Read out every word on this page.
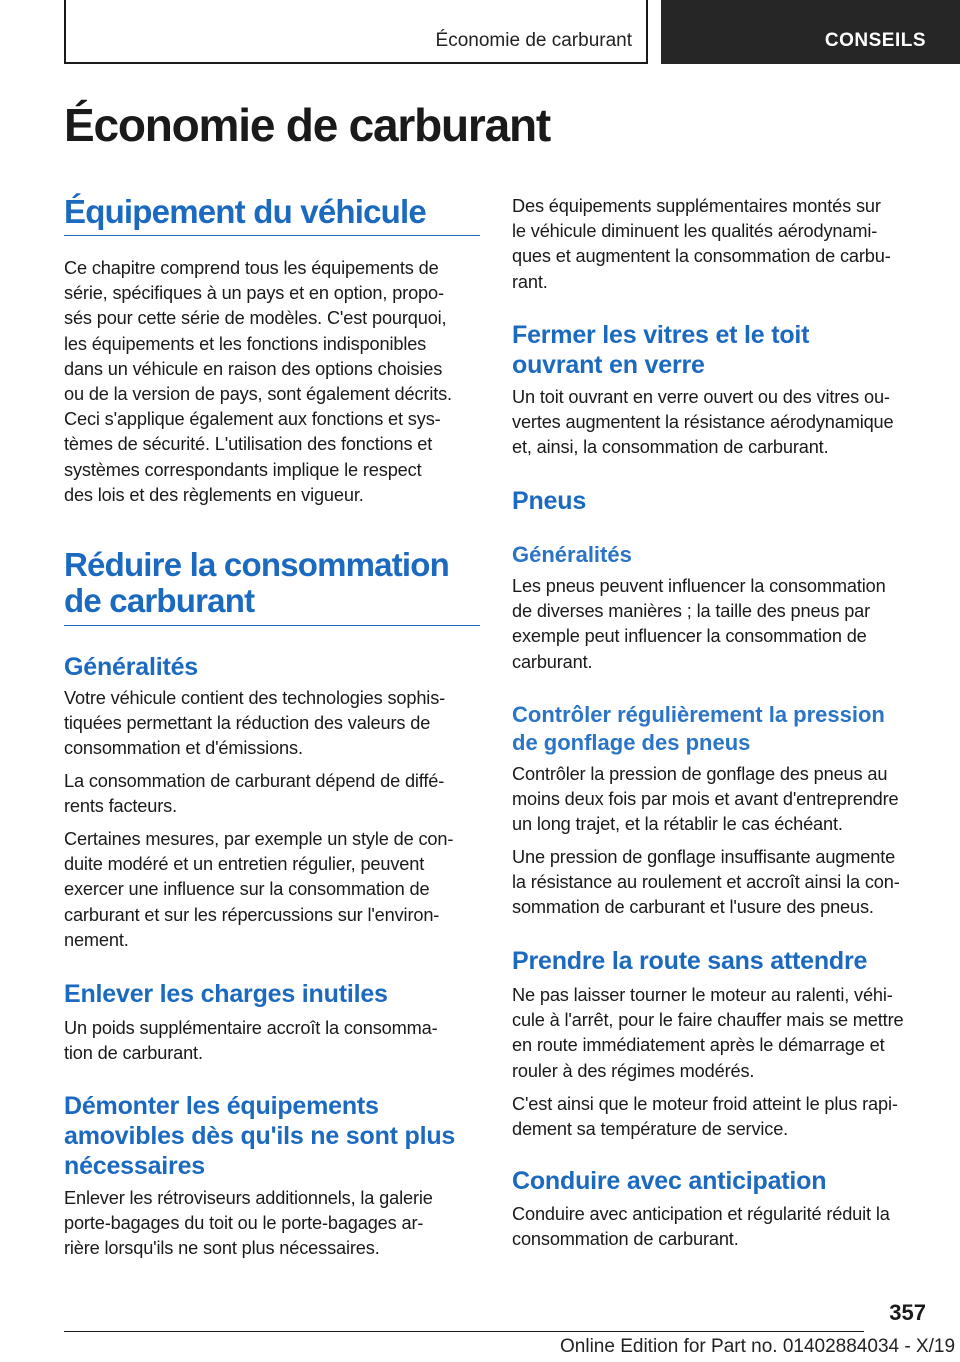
Économie de carburant	CONSEILS
Économie de carburant
Équipement du véhicule

Ce chapitre comprend tous les équipements de
série, spécifiques à un pays et en option, propo-
sés pour cette série de modèles. C'est pourquoi,
les équipements et les fonctions indisponibles
dans un véhicule en raison des options choisies
ou de la version de pays, sont également décrits.
Ceci s'applique également aux fonctions et sys-
tèmes de sécurité. L'utilisation des fonctions et
systèmes correspondants implique le respect
des lois et des règlements en vigueur.

Réduire la consommation
de carburant
Généralités

Votre véhicule contient des technologies sophis-
tiquées permettant la réduction des valeurs de
consommation et d'émissions.

La consommation de carburant dépend de diffé-
rents facteurs.

Certaines mesures, par exemple un style de con-
duite modéré et un entretien régulier, peuvent
exercer une influence sur la consommation de
carburant et sur les répercussions sur l'environ-
nement.

Enlever les charges inutiles

Un poids supplémentaire accroît la consomma-
tion de carburant.

Démonter les équipements
amovibles dès qu'ils ne sont plus
nécessaires

Enlever les rétroviseurs additionnels, la galerie
porte-bagages du toit ou le porte-bagages ar-
rière lorsqu'ils ne sont plus nécessaires.

Des équipements supplémentaires montés sur
le véhicule diminuent les qualités aérodynami-
ques et augmentent la consommation de carbu-
rant.

Fermer les vitres et le toit
ouvrant en verre

Un toit ouvrant en verre ouvert ou des vitres ou-
vertes augmentent la résistance aérodynamique
et, ainsi, la consommation de carburant.

Pneus
Généralités

Les pneus peuvent influencer la consommation
de diverses manières ; la taille des pneus par
exemple peut influencer la consommation de
carburant.

Contrôler régulièrement la pression
de gonflage des pneus

Contrôler la pression de gonflage des pneus au
moins deux fois par mois et avant d'entreprendre
un long trajet, et la rétablir le cas échéant.

Une pression de gonflage insuffisante augmente
la résistance au roulement et accroît ainsi la con-
sommation de carburant et l'usure des pneus.

Prendre la route sans attendre

Ne pas laisser tourner le moteur au ralenti, véhi-
cule à l'arrêt, pour le faire chauffer mais se mettre
en route immédiatement après le démarrage et
rouler à des régimes modérés.

C'est ainsi que le moteur froid atteint le plus rapi-
dement sa température de service.

Conduire avec anticipation

Conduire avec anticipation et régularité réduit la
consommation de carburant.

357
Online Edition for Part no. 01402884034 - X/19
